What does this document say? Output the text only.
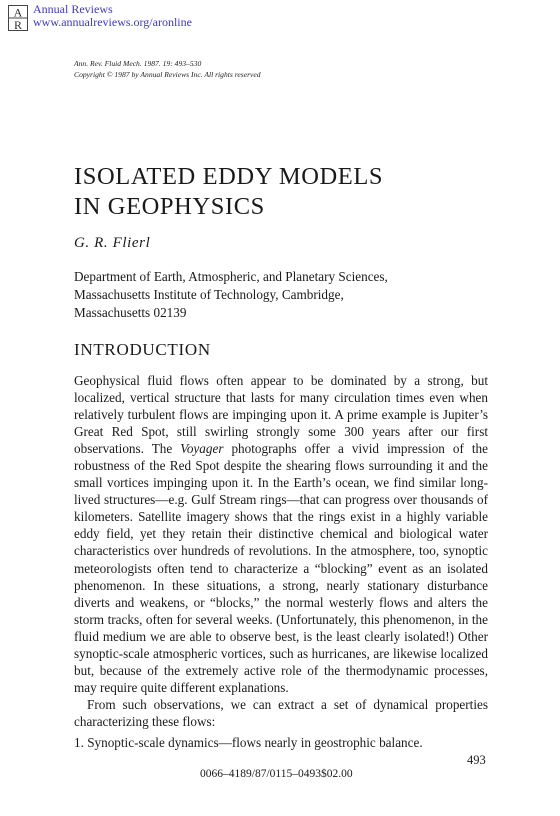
A
R
Annual Reviews
www.annualreviews.org/aronline
Ann. Rev. Fluid Mech. 1987. 19: 493–530
Copyright © 1987 by Annual Reviews Inc. All rights reserved
ISOLATED EDDY MODELS
IN GEOPHYSICS
G. R. Flierl
Department of Earth, Atmospheric, and Planetary Sciences,
Massachusetts Institute of Technology, Cambridge,
Massachusetts 02139
INTRODUCTION

Geophysical fluid flows often appear to be dominated by a strong, but localized, vertical structure that lasts for many circulation times even when relatively turbulent flows are impinging upon it. A prime example is Jupiter’s Great Red Spot, still swirling strongly some 300 years after our first observations. The Voyager photographs offer a vivid impression of the robustness of the Red Spot despite the shearing flows surrounding it and the small vortices impinging upon it. In the Earth’s ocean, we find similar long-lived structures—e.g. Gulf Stream rings—that can progress over thousands of kilometers. Satellite imagery shows that the rings exist in a highly variable eddy field, yet they retain their distinctive chemical and biological water characteristics over hundreds of revolutions. In the atmosphere, too, synoptic meteorologists often tend to characterize a “blocking” event as an isolated phenomenon. In these situations, a strong, nearly stationary disturbance diverts and weakens, or “blocks,” the normal westerly flows and alters the storm tracks, often for several weeks. (Unfortunately, this phenomenon, in the fluid medium we are able to observe best, is the least clearly isolated!) Other synoptic-scale atmospheric vortices, such as hurricanes, are likewise localized but, because of the extremely active role of the thermodynamic processes, may require quite different explanations.

From such observations, we can extract a set of dynamical properties characterizing these flows:

1. Synoptic-scale dynamics—flows nearly in geostrophic balance.

493
0066–4189/87/0115–0493$02.00
